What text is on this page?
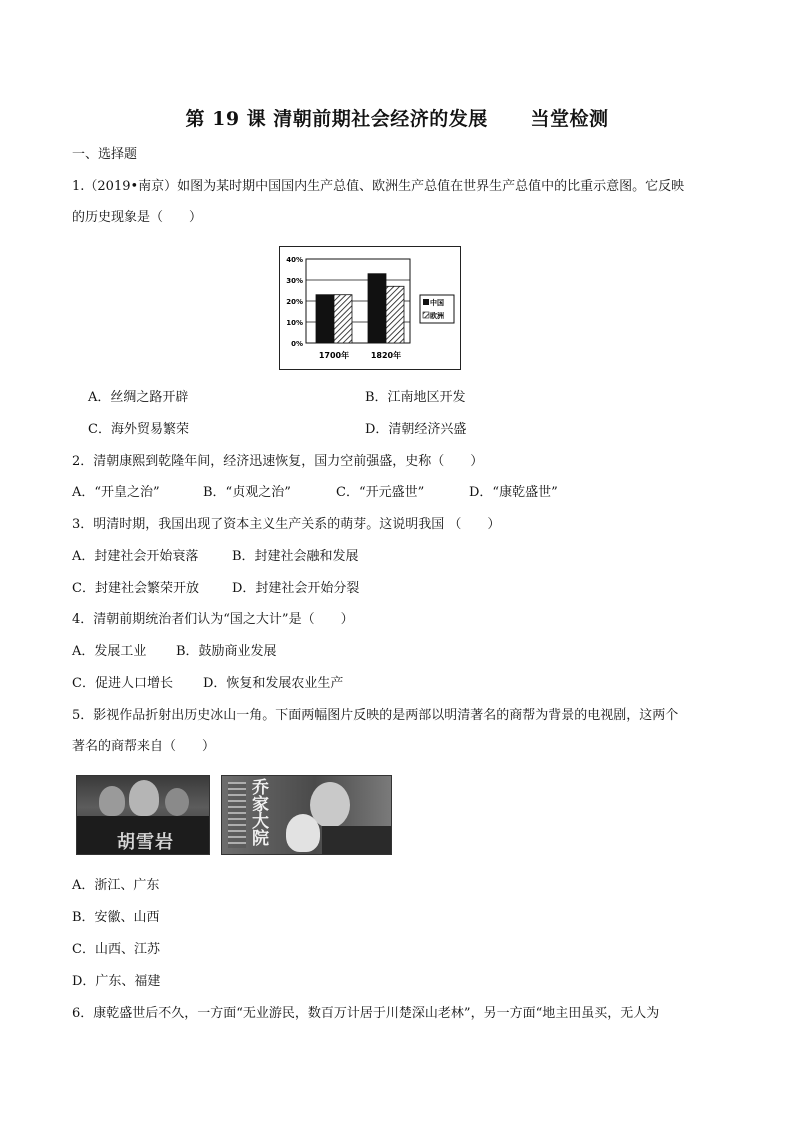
第 19 课 清朝前期社会经济的发展      当堂检测
一、选择题
1.（2019•南京）如图为某时期中国国内生产总值、欧洲生产总值在世界生产总值中的比重示意图。它反映
的历史现象是（　　）
40%
30%
20%
10%
0%
1700年	1820年
中国
欧洲
A．丝绸之路开辟	B．江南地区开发
C．海外贸易繁荣	D．清朝经济兴盛
2．清朝康熙到乾隆年间，经济迅速恢复，国力空前强盛，史称（　　）
A．“开皇之治”	B．“贞观之治”	C．“开元盛世”	D．“康乾盛世”
3．明清时期，我国出现了资本主义生产关系的萌芽。这说明我国 （　　）
A．封建社会开始衰落	B．封建社会融和发展
C．封建社会繁荣开放	D．封建社会开始分裂
4．清朝前期统治者们认为“国之大计”是（　　）
A．发展工业 B．鼓励商业发展
C．促进人口增长 D．恢复和发展农业生产
5．影视作品折射出历史冰山一角。下面两幅图片反映的是两部以明清著名的商帮为背景的电视剧，这两个
著名的商帮来自（　　）
胡雪岩
乔家大院
A．浙江、广东
B．安徽、山西
C．山西、江苏
D．广东、福建
6．康乾盛世后不久，一方面“无业游民，数百万计居于川楚深山老林”，另一方面“地主田虽买，无人为
